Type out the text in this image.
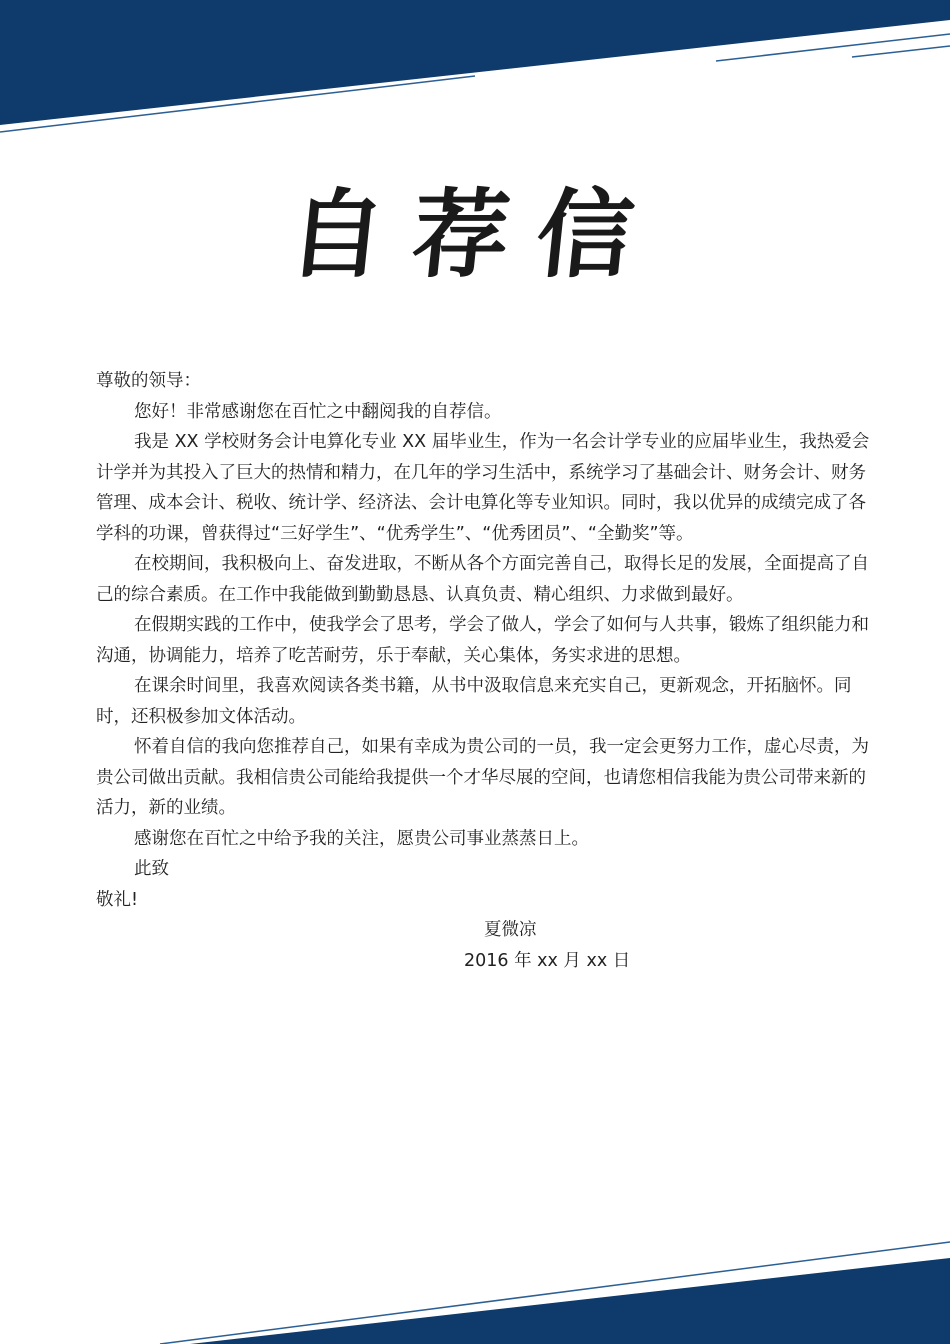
自荐信

尊敬的领导：

您好！非常感谢您在百忙之中翻阅我的自荐信。

我是 XX 学校财务会计电算化专业 XX 届毕业生，作为一名会计学专业的应届毕业生，我热爱会计学并为其投入了巨大的热情和精力，在几年的学习生活中，系统学习了基础会计、财务会计、财务管理、成本会计、税收、统计学、经济法、会计电算化等专业知识。同时，我以优异的成绩完成了各学科的功课，曾获得过“三好学生”、“优秀学生”、“优秀团员”、“全勤奖”等。

在校期间，我积极向上、奋发进取，不断从各个方面完善自己，取得长足的发展，全面提高了自己的综合素质。在工作中我能做到勤勤恳恳、认真负责、精心组织、力求做到最好。

在假期实践的工作中，使我学会了思考，学会了做人，学会了如何与人共事，锻炼了组织能力和沟通，协调能力，培养了吃苦耐劳，乐于奉献，关心集体，务实求进的思想。

在课余时间里，我喜欢阅读各类书籍，从书中汲取信息来充实自己，更新观念，开拓脑怀。同时，还积极参加文体活动。

怀着自信的我向您推荐自己，如果有幸成为贵公司的一员，我一定会更努力工作，虚心尽责，为贵公司做出贡献。我相信贵公司能给我提供一个才华尽展的空间，也请您相信我能为贵公司带来新的活力，新的业绩。

感谢您在百忙之中给予我的关注，愿贵公司事业蒸蒸日上。

此致

敬礼!

夏微凉

2016 年 xx 月 xx 日
